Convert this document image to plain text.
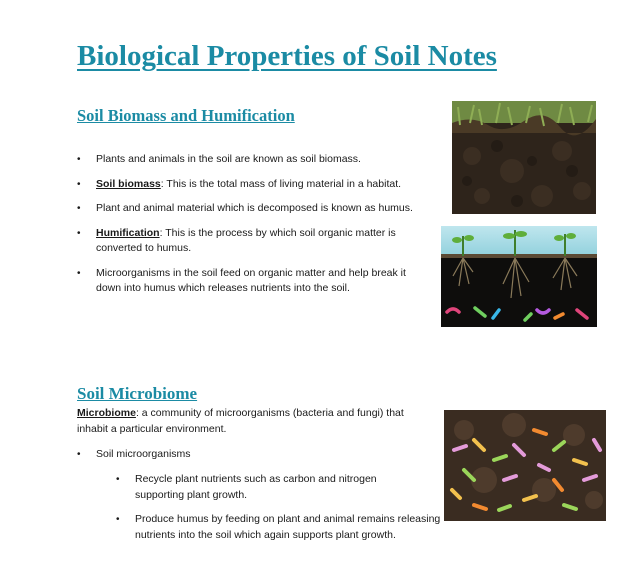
Biological Properties of Soil Notes
Soil Biomass and Humification
• Plants and animals in the soil are known as soil biomass.
• Soil biomass: This is the total mass of living material in a habitat.
• Plant and animal material which is decomposed is known as humus.
• Humification: This is the process by which soil organic matter is converted to humus.
• Microorganisms in the soil feed on organic matter and help break it down into humus which releases nutrients into the soil.
Soil Microbiome
Microbiome: a community of microorganisms (bacteria and fungi) that inhabit a particular environment.
• Soil microorganisms
• Recycle plant nutrients such as carbon and nitrogen supporting plant growth.
• Produce humus by feeding on plant and animal remains releasing nutrients into the soil which again supports plant growth.
